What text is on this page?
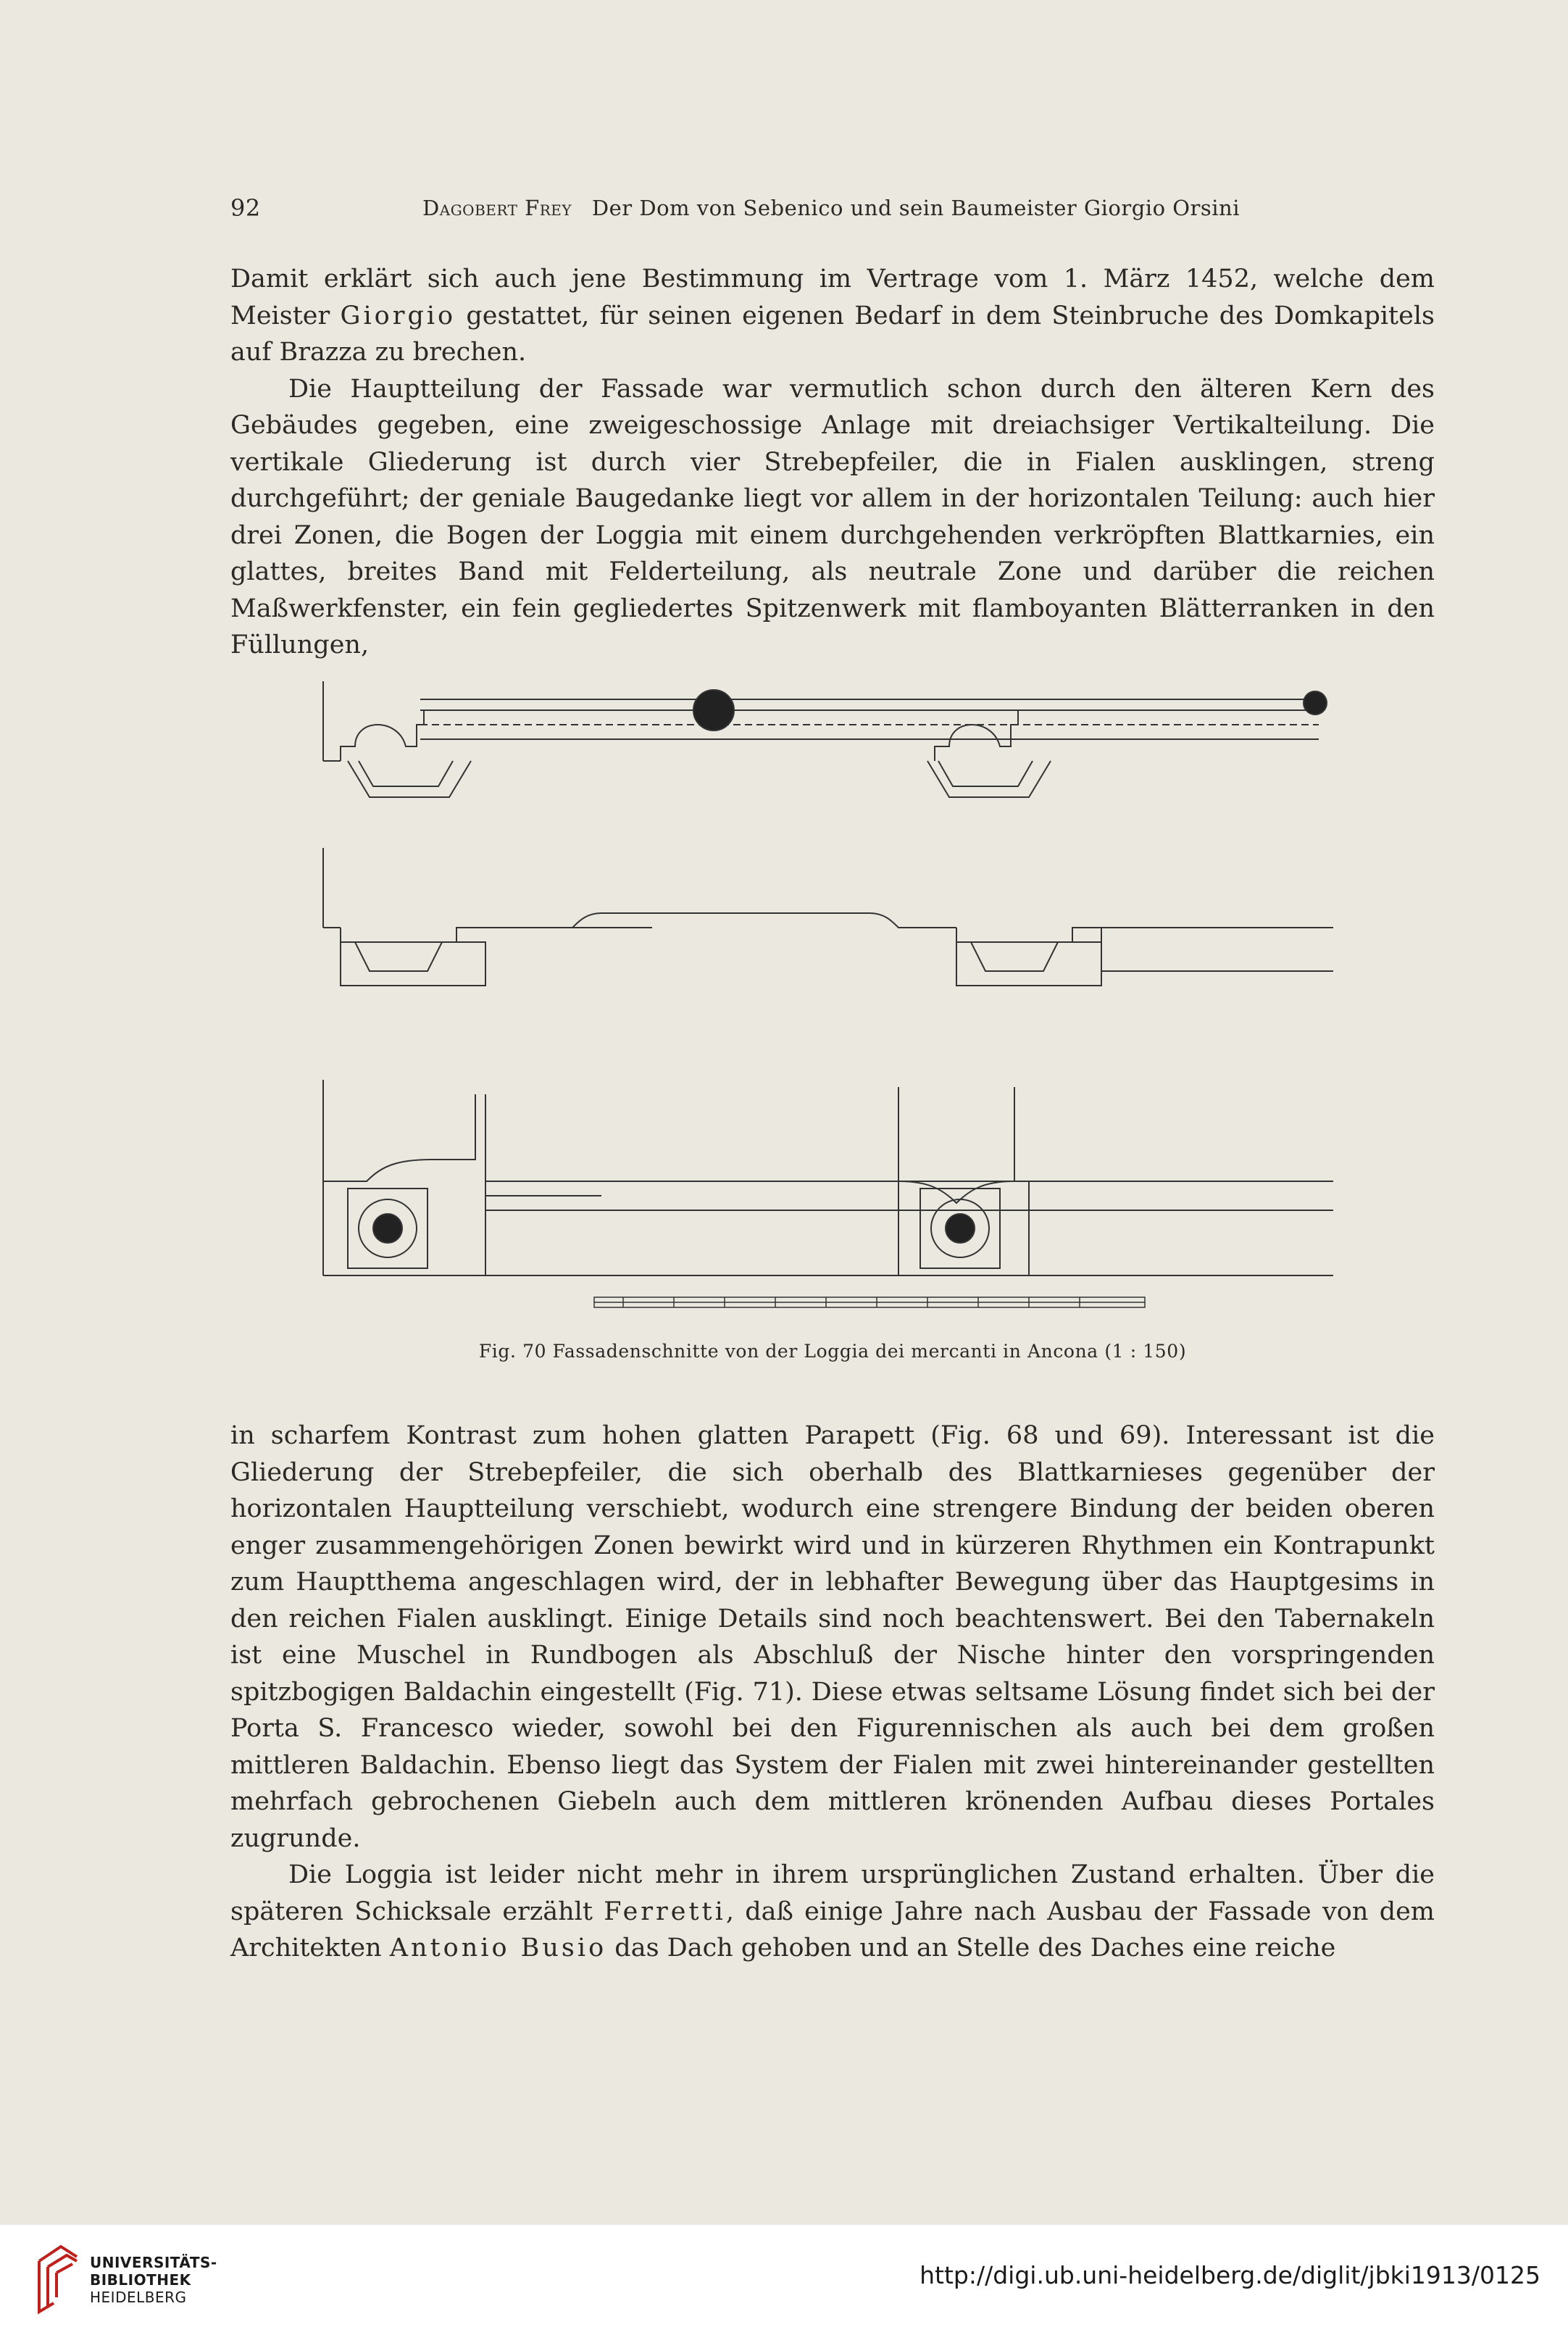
92	Dagobert Frey Der Dom von Sebenico und sein Baumeister Giorgio Orsini

Damit erklärt sich auch jene Bestimmung im Vertrage vom 1. März 1452, welche dem Meister Giorgio gestattet, für seinen eigenen Bedarf in dem Steinbruche des Domkapitels auf Brazza zu brechen.

Die Hauptteilung der Fassade war vermutlich schon durch den älteren Kern des Gebäudes gegeben, eine zweigeschossige Anlage mit dreiachsiger Vertikalteilung. Die vertikale Gliederung ist durch vier Strebepfeiler, die in Fialen ausklingen, streng durchgeführt; der geniale Baugedanke liegt vor allem in der horizontalen Teilung: auch hier drei Zonen, die Bogen der Loggia mit einem durchgehenden verkröpften Blattkarnies, ein glattes, breites Band mit Felderteilung, als neutrale Zone und darüber die reichen Maßwerkfenster, ein fein gegliedertes Spitzenwerk mit flamboyanten Blätterranken in den Füllungen,

Fig. 70 Fassadenschnitte von der Loggia dei mercanti in Ancona (1 : 150)

in scharfem Kontrast zum hohen glatten Parapett (Fig. 68 und 69). Interessant ist die Gliederung der Strebepfeiler, die sich oberhalb des Blattkarnieses gegenüber der horizontalen Hauptteilung verschiebt, wodurch eine strengere Bindung der beiden oberen enger zusammengehörigen Zonen bewirkt wird und in kürzeren Rhythmen ein Kontrapunkt zum Hauptthema angeschlagen wird, der in lebhafter Bewegung über das Hauptgesims in den reichen Fialen ausklingt. Einige Details sind noch beachtenswert. Bei den Tabernakeln ist eine Muschel in Rundbogen als Abschluß der Nische hinter den vorspringenden spitzbogigen Baldachin eingestellt (Fig. 71). Diese etwas seltsame Lösung findet sich bei der Porta S. Francesco wieder, sowohl bei den Figurennischen als auch bei dem großen mittleren Baldachin. Ebenso liegt das System der Fialen mit zwei hintereinander gestellten mehrfach gebrochenen Giebeln auch dem mittleren krönenden Aufbau dieses Portales zugrunde.

Die Loggia ist leider nicht mehr in ihrem ursprünglichen Zustand erhalten. Über die späteren Schicksale erzählt Ferretti, daß einige Jahre nach Ausbau der Fassade von dem Architekten Antonio Busio das Dach gehoben und an Stelle des Daches eine reiche

UNIVERSITÄTS-
BIBLIOTHEK
HEIDELBERG
http://digi.ub.uni-heidelberg.de/diglit/jbki1913/0125
